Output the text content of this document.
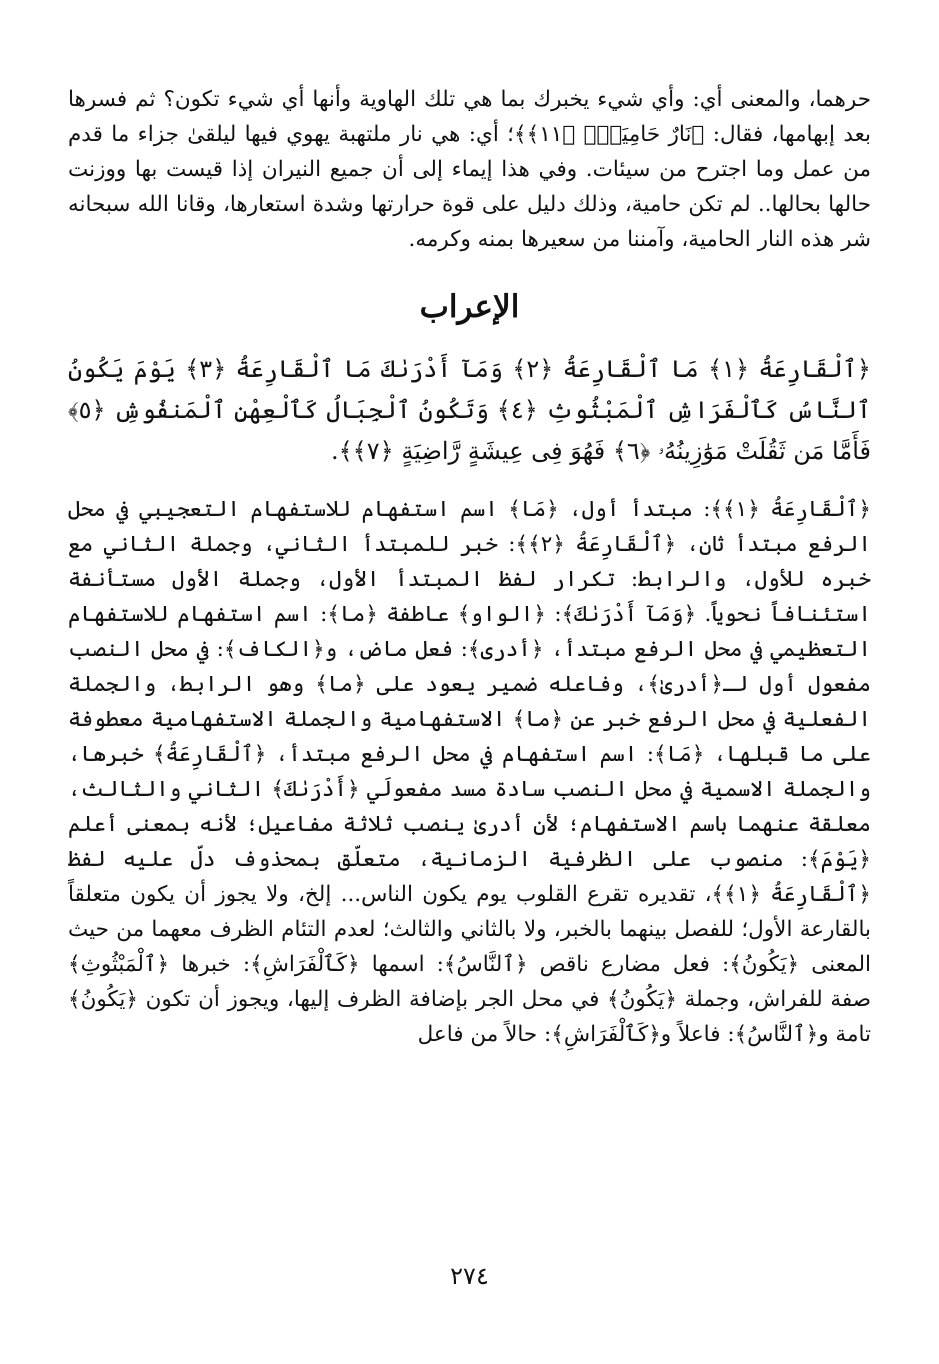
حرهما، والمعنى أي: وأي شيء يخبرك بما هي تلك الهاوية وأنها أي شيء تكون؟ ثم فسرها بعد إبهامها، فقال: ﴿نَارٌ حَامِيَةٌۢ ﴿١١﴾﴾؛ أي: هي نار ملتهبة يهوي فيها ليلقىٰ جزاء ما قدم من عمل وما اجترح من سيئات. وفي هذا إيماء إلى أن جميع النيران إذا قيست بها ووزنت حالها بحالها.. لم تكن حامية، وذلك دليل على قوة حرارتها وشدة استعارها، وقانا الله سبحانه شر هذه النار الحامية، وآمننا من سعيرها بمنه وكرمه.

الإعراب

﴿ٱلْقَارِعَةُ ﴿١﴾ مَا ٱلْقَارِعَةُ ﴿٢﴾ وَمَآ أَدْرَىٰكَ مَا ٱلْقَارِعَةُ ﴿٣﴾ يَوْمَ يَكُونُ ٱلنَّاسُ كَٱلْفَرَاشِ ٱلْمَبْثُوثِ ﴿٤﴾ وَتَكُونُ ٱلْجِبَالُ كَٱلْعِهْنِ ٱلْمَنفُوشِ ﴿٥﴾ فَأَمَّا مَن ثَقُلَتْ مَوَٰزِينُهُۥ ﴿٦﴾ فَهُوَ فِى عِيشَةٍ رَّاضِيَةٍ ﴿٧﴾﴾.

﴿ٱلْقَارِعَةُ ﴿١﴾﴾: مبتدأ أول، ﴿مَا﴾ اسم استفهام للاستفهام التعجيبي في محل الرفع مبتدأ ثان، ﴿ٱلْقَارِعَةُ ﴿٢﴾﴾: خبر للمبتدأ الثاني، وجملة الثاني مع خبره للأول، والرابط: تكرار لفظ المبتدأ الأول، وجملة الأول مستأنفة استئنافاً نحوياً. ﴿وَمَآ أَدْرَىٰكَ﴾: ﴿الواو﴾ عاطفة ﴿ما﴾: اسم استفهام للاستفهام التعظيمي في محل الرفع مبتدأ، ﴿أدرى﴾: فعل ماض، و﴿الكاف﴾: في محل النصب مفعول أول لـ﴿أدرىٰ﴾، وفاعله ضمير يعود على ﴿ما﴾ وهو الرابط، والجملة الفعلية في محل الرفع خبر عن ﴿ما﴾ الاستفهامية والجملة الاستفهامية معطوفة على ما قبلها، ﴿مَا﴾: اسم استفهام في محل الرفع مبتدأ، ﴿ٱلْقَارِعَةُ﴾ خبرها، والجملة الاسمية في محل النصب سادة مسد مفعولَي ﴿أَدْرَىٰكَ﴾ الثاني والثالث، معلقة عنهما باسم الاستفهام؛ لأن أدرىٰ ينصب ثلاثة مفاعيل؛ لأنه بمعنى أعلم ﴿يَوْمَ﴾: منصوب على الظرفية الزمانية، متعلّق بمحذوف دلّ عليه لفظ ﴿ٱلْقَارِعَةُ ﴿١﴾﴾، تقديره تقرع القلوب يوم يكون الناس... إلخ، ولا يجوز أن يكون متعلقاً بالقارعة الأول؛ للفصل بينهما بالخبر، ولا بالثاني والثالث؛ لعدم التئام الظرف معهما من حيث المعنى ﴿يَكُونُ﴾: فعل مضارع ناقص ﴿ٱلنَّاسُ﴾: اسمها ﴿كَٱلْفَرَاشِ﴾: خبرها ﴿ٱلْمَبْثُوثِ﴾ صفة للفراش، وجملة ﴿يَكُونُ﴾ في محل الجر بإضافة الظرف إليها، ويجوز أن تكون ﴿يَكُونُ﴾ تامة و﴿ٱلنَّاسُ﴾: فاعلاً و﴿كَٱلْفَرَاشِ﴾: حالاً من فاعل

٢٧٤
